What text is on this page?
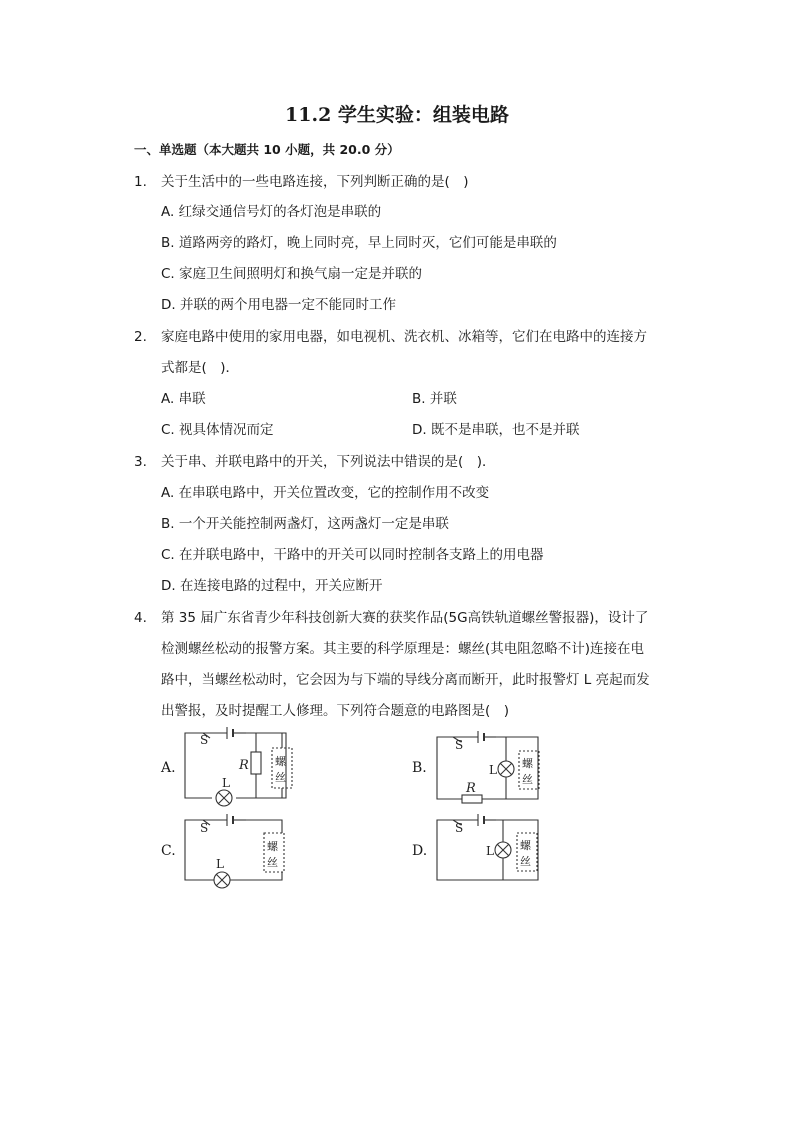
11.2 学生实验：组装电路
一、单选题（本大题共 10 小题，共 20.0 分）
1. 关于生活中的一些电路连接，下列判断正确的是(　)
A. 红绿交通信号灯的各灯泡是串联的
B. 道路两旁的路灯，晚上同时亮，早上同时灭，它们可能是串联的
C. 家庭卫生间照明灯和换气扇一定是并联的
D. 并联的两个用电器一定不能同时工作
2. 家庭电路中使用的家用电器，如电视机、洗衣机、冰箱等，它们在电路中的连接方
式都是(　)．
A. 串联	B. 并联
C. 视具体情况而定	D. 既不是串联，也不是并联
3. 关于串、并联电路中的开关，下列说法中错误的是(　)．
A. 在串联电路中，开关位置改变，它的控制作用不改变
B. 一个开关能控制两盏灯，这两盏灯一定是串联
C. 在并联电路中，干路中的开关可以同时控制各支路上的用电器
D. 在连接电路的过程中，开关应断开
4. 第 35 届广东省青少年科技创新大赛的获奖作品(5G高铁轨道螺丝警报器)，设计了
检测螺丝松动的报警方案。其主要的科学原理是：螺丝(其电阻忽略不计)连接在电
路中，当螺丝松动时，它会因为与下端的导线分离而断开，此时报警灯 L 亮起而发
出警报，及时提醒工人修理。下列符合题意的电路图是(　)
A.	B.
C.	D.
S
R
L
螺
丝
S
L
R
螺
丝
S
L
螺
丝
S
L 螺
丝
